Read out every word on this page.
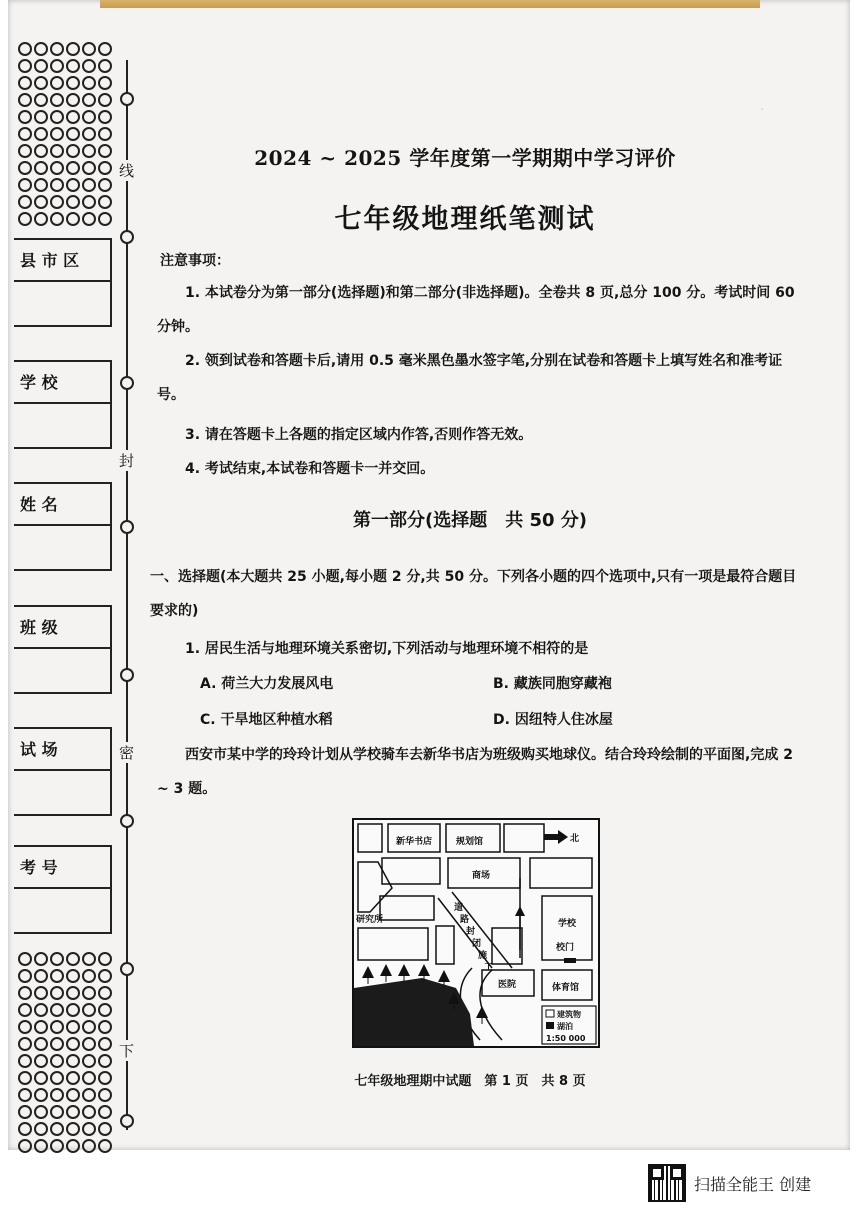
县 市 区
学 校
姓 名
班 级
试 场
考 号
线
封
密
下
·
2024 ~ 2025 学年度第一学期期中学习评价
七年级地理纸笔测试
注意事项：
1. 本试卷分为第一部分(选择题)和第二部分(非选择题)。全卷共 8 页,总分 100 分。考试时间 60 分钟。
2. 领到试卷和答题卡后,请用 0.5 毫米黑色墨水签字笔,分别在试卷和答题卡上填写姓名和准考证号。
3. 请在答题卡上各题的指定区域内作答,否则作答无效。
4. 考试结束,本试卷和答题卡一并交回。
第一部分(选择题　共 50 分)
一、选择题(本大题共 25 小题,每小题 2 分,共 50 分。下列各小题的四个选项中,只有一项是最符合题目要求的)
1. 居民生活与地理环境关系密切,下列活动与地理环境不相符的是
A. 荷兰大力发展风电	B. 藏族同胞穿藏袍
C. 干旱地区种植水稻	D. 因纽特人住冰屋
西安市某中学的玲玲计划从学校骑车去新华书店为班级购买地球仪。结合玲玲绘制的平面图,完成 2 ~ 3 题。
新华书店	规划馆	北
商场
研究所	学校
校门
医院	体育馆
道
路
封
闭
施
工
建筑物
湖泊
1:50 000
七年级地理期中试题　第 1 页　共 8 页
扫描全能王 创建
